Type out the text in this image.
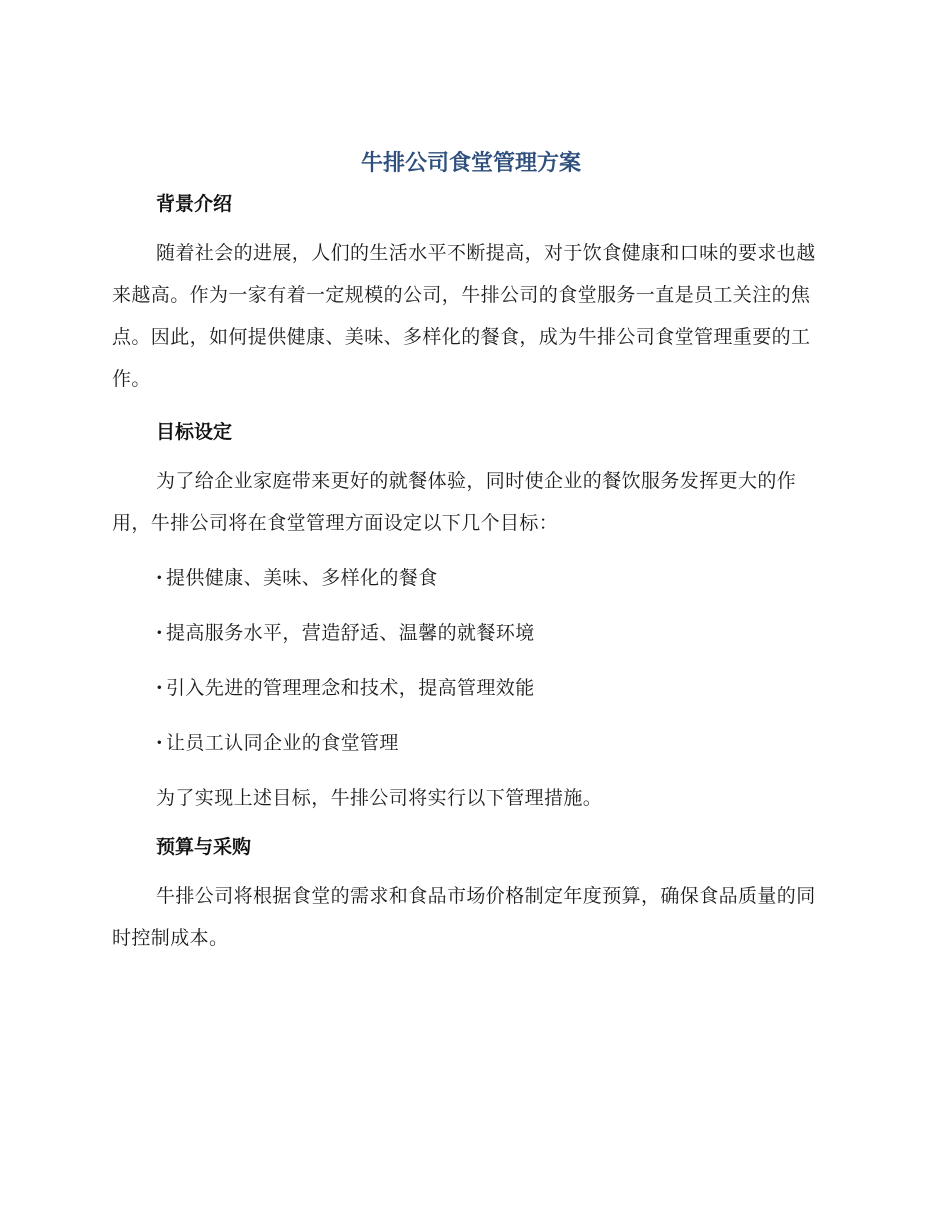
牛排公司食堂管理方案
背景介绍

随着社会的进展，人们的生活水平不断提高，对于饮食健康和口味的要求也越来越高。作为一家有着一定规模的公司，牛排公司的食堂服务一直是员工关注的焦点。因此，如何提供健康、美味、多样化的餐食，成为牛排公司食堂管理重要的工作。

目标设定

为了给企业家庭带来更好的就餐体验，同时使企业的餐饮服务发挥更大的作用，牛排公司将在食堂管理方面设定以下几个目标：

· 提供健康、美味、多样化的餐食

· 提高服务水平，营造舒适、温馨的就餐环境

· 引入先进的管理理念和技术，提高管理效能

· 让员工认同企业的食堂管理

为了实现上述目标，牛排公司将实行以下管理措施。

预算与采购

牛排公司将根据食堂的需求和食品市场价格制定年度预算，确保食品质量的同时控制成本。
